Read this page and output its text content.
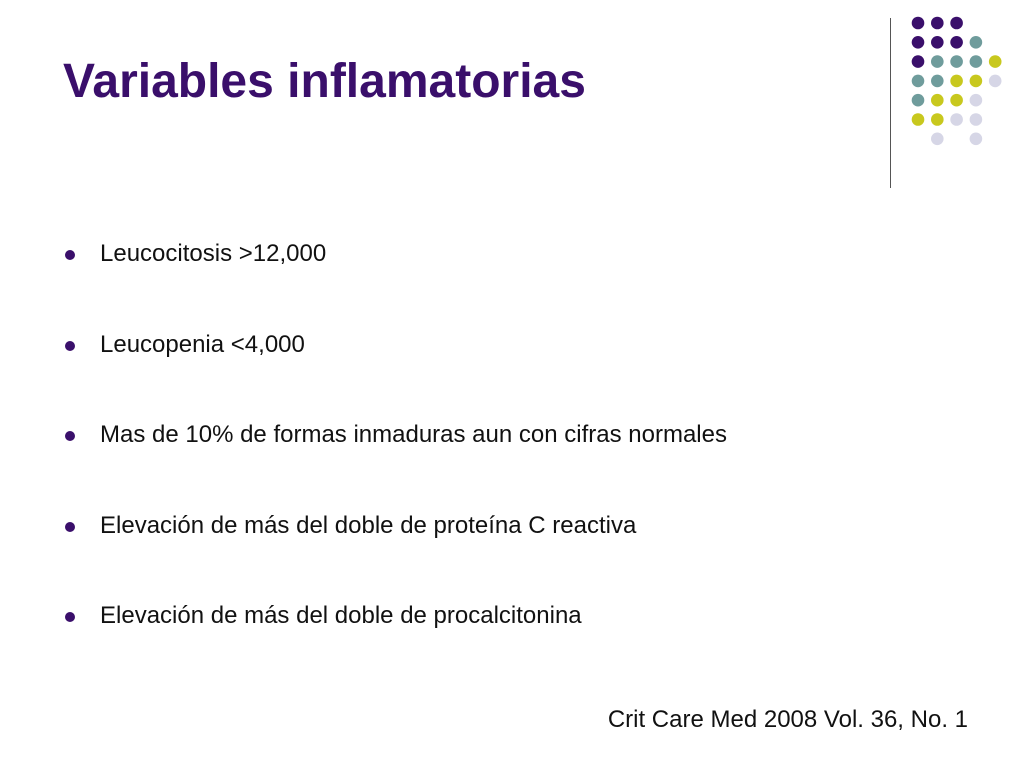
Variables inflamatorias
Leucocitosis >12,000
Leucopenia <4,000
Mas de 10% de formas inmaduras aun con cifras normales
Elevación de más del doble de proteína C reactiva
Elevación de más del doble de procalcitonina

Crit Care Med 2008 Vol. 36, No. 1
